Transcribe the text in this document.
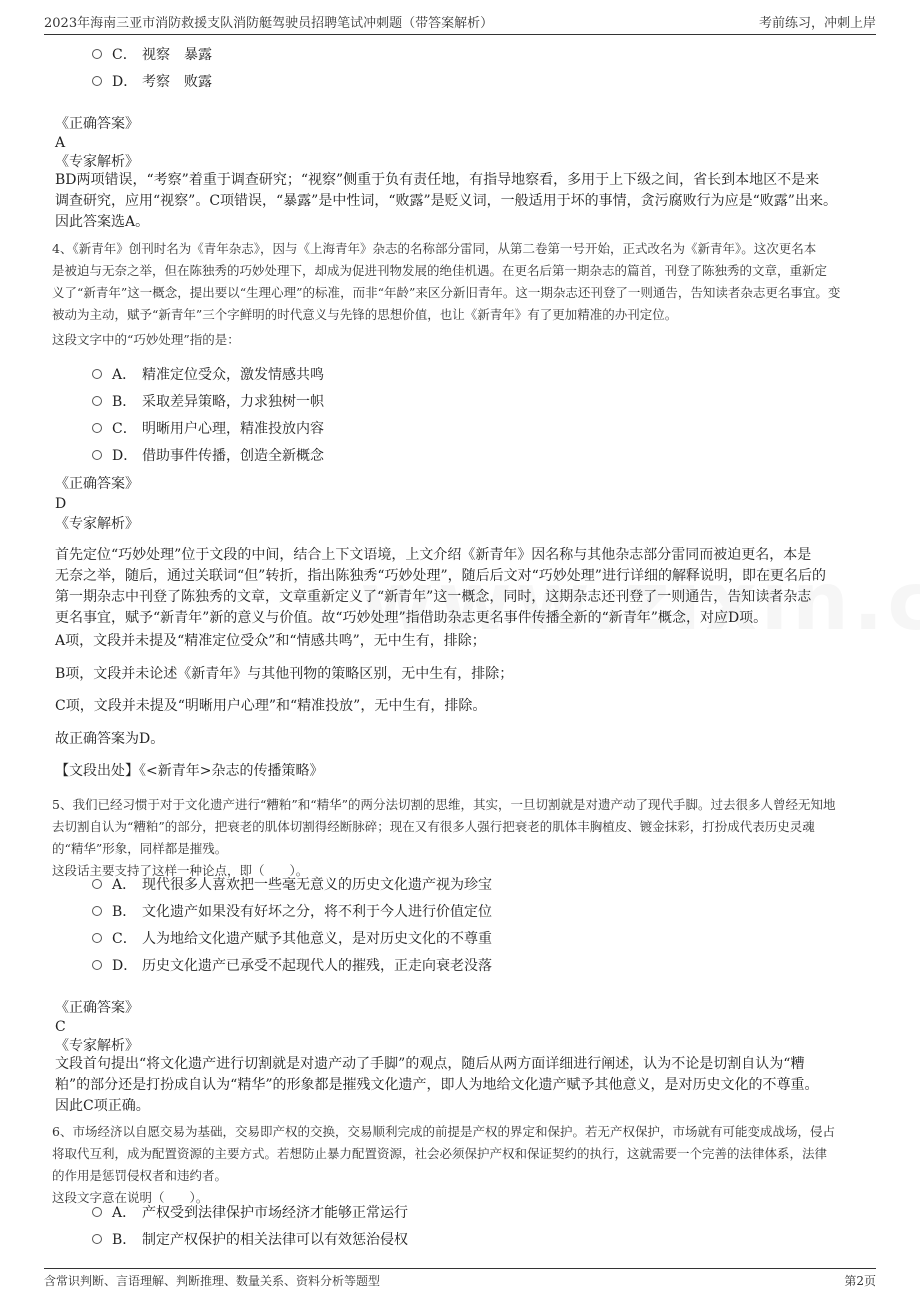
2023年海南三亚市消防救援支队消防艇驾驶员招聘笔试冲刺题（带答案解析）	考前练习，冲刺上岸
C． 视察　暴露
D． 考察　败露
《正确答案》
A
《专家解析》
BD两项错误，“考察”着重于调查研究；“视察”侧重于负有责任地，有指导地察看，多用于上下级之间，省长到本地区不是来
调查研究，应用“视察”。C项错误，“暴露”是中性词，“败露”是贬义词，一般适用于坏的事情，贪污腐败行为应是“败露”出来。
因此答案选A。
4、《新青年》创刊时名为《青年杂志》，因与《上海青年》杂志的名称部分雷同，从第二卷第一号开始，正式改名为《新青年》。这次更名本
是被迫与无奈之举，但在陈独秀的巧妙处理下，却成为促进刊物发展的绝佳机遇。在更名后第一期杂志的篇首，刊登了陈独秀的文章，重新定
义了“新青年”这一概念，提出要以“生理心理”的标准，而非“年龄”来区分新旧青年。这一期杂志还刊登了一则通告，告知读者杂志更名事宜。变
被动为主动，赋予“新青年”三个字鲜明的时代意义与先锋的思想价值，也让《新青年》有了更加精准的办刊定位。
这段文字中的“巧妙处理”指的是：
A． 精准定位受众，激发情感共鸣
B． 采取差异策略，力求独树一帜
C． 明晰用户心理，精准投放内容
D． 借助事件传播，创造全新概念
《正确答案》
D
《专家解析》
首先定位“巧妙处理”位于文段的中间，结合上下文语境，上文介绍《新青年》因名称与其他杂志部分雷同而被迫更名，本是
无奈之举，随后，通过关联词“但”转折，指出陈独秀“巧妙处理”，随后后文对“巧妙处理”进行详细的解释说明，即在更名后的
第一期杂志中刊登了陈独秀的文章，文章重新定义了“新青年”这一概念，同时，这期杂志还刊登了一则通告，告知读者杂志
更名事宜，赋予“新青年”新的意义与价值。故“巧妙处理”指借助杂志更名事件传播全新的“新青年”概念，对应D项。
A项，文段并未提及“精准定位受众”和“情感共鸣”，无中生有，排除；
B项，文段并未论述《新青年》与其他刊物的策略区别，无中生有，排除；
C项，文段并未提及“明晰用户心理”和“精准投放”，无中生有，排除。
故正确答案为D。
【文段出处】《<新青年>杂志的传播策略》
5、我们已经习惯于对于文化遗产进行“糟粕”和“精华”的两分法切割的思维，其实，一旦切割就是对遗产动了现代手脚。过去很多人曾经无知地
去切割自认为“糟粕”的部分，把衰老的肌体切割得经断脉碎；现在又有很多人强行把衰老的肌体丰胸植皮、镀金抹彩，打扮成代表历史灵魂
的“精华”形象，同样都是摧残。
这段话主要支持了这样一种论点，即（　　）。
A． 现代很多人喜欢把一些毫无意义的历史文化遗产视为珍宝
B． 文化遗产如果没有好坏之分，将不利于今人进行价值定位
C． 人为地给文化遗产赋予其他意义，是对历史文化的不尊重
D． 历史文化遗产已承受不起现代人的摧残，正走向衰老没落
《正确答案》
C
《专家解析》
文段首句提出“将文化遗产进行切割就是对遗产动了手脚”的观点，随后从两方面详细进行阐述，认为不论是切割自认为“糟
粕”的部分还是打扮成自认为“精华”的形象都是摧残文化遗产，即人为地给文化遗产赋予其他意义，是对历史文化的不尊重。
因此C项正确。
6、市场经济以自愿交易为基础，交易即产权的交换，交易顺利完成的前提是产权的界定和保护。若无产权保护，市场就有可能变成战场，侵占
将取代互利，成为配置资源的主要方式。若想防止暴力配置资源，社会必须保护产权和保证契约的执行，这就需要一个完善的法律体系，法律
的作用是惩罚侵权者和违约者。
这段文字意在说明（　　）。
A． 产权受到法律保护市场经济才能够正常运行
B． 制定产权保护的相关法律可以有效惩治侵权
含常识判断、言语理解、判断推理、数量关系、资料分析等题型	第2页
